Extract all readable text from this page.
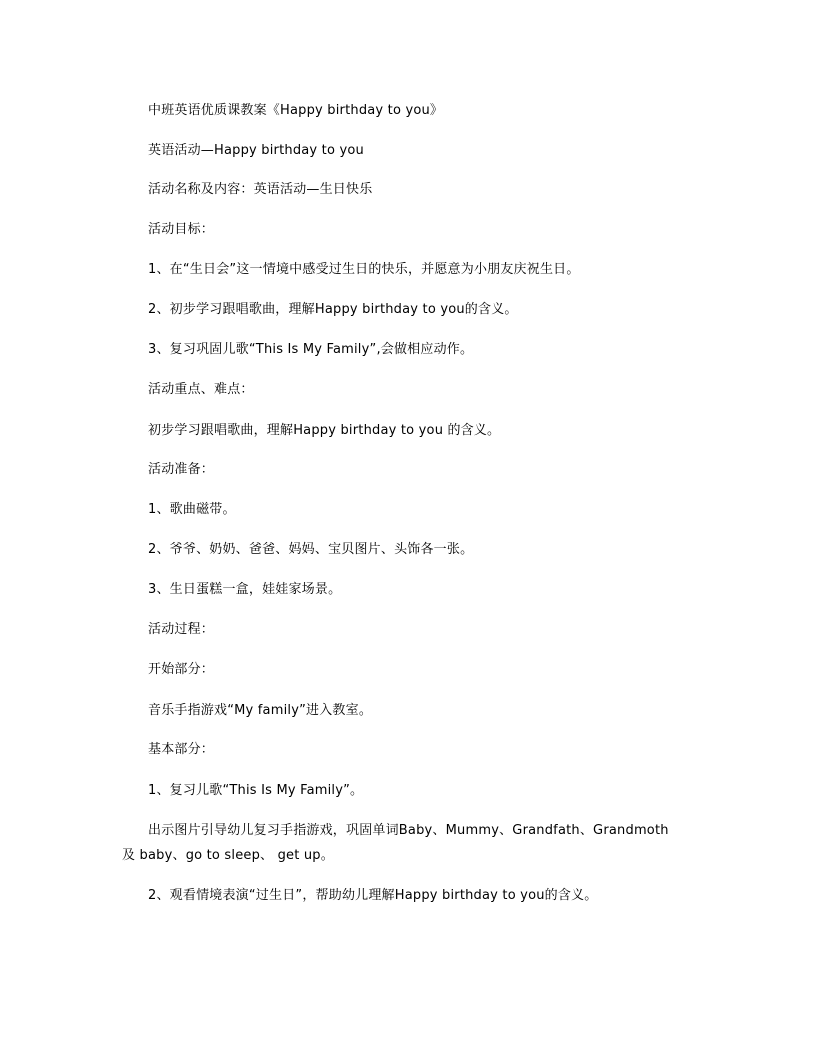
中班英语优质课教案《Happy birthday to you》
英语活动—Happy birthday to you
活动名称及内容：英语活动—生日快乐
活动目标：
1、在“生日会”这一情境中感受过生日的快乐，并愿意为小朋友庆祝生日。
2、初步学习跟唱歌曲，理解Happy birthday to you的含义。
3、复习巩固儿歌“This Is My Family”,会做相应动作。
活动重点、难点：
初步学习跟唱歌曲，理解Happy birthday to you 的含义。
活动准备：
1、歌曲磁带。
2、爷爷、奶奶、爸爸、妈妈、宝贝图片、头饰各一张。
3、生日蛋糕一盒，娃娃家场景。
活动过程：
开始部分：
音乐手指游戏“My family”进入教室。
基本部分：
1、复习儿歌“This Is My Family”。
出示图片引导幼儿复习手指游戏，巩固单词Baby、Mummy、Grandfath、Grandmoth
及 baby、go to sleep、 get up。
2、观看情境表演“过生日”，帮助幼儿理解Happy birthday to you的含义。
